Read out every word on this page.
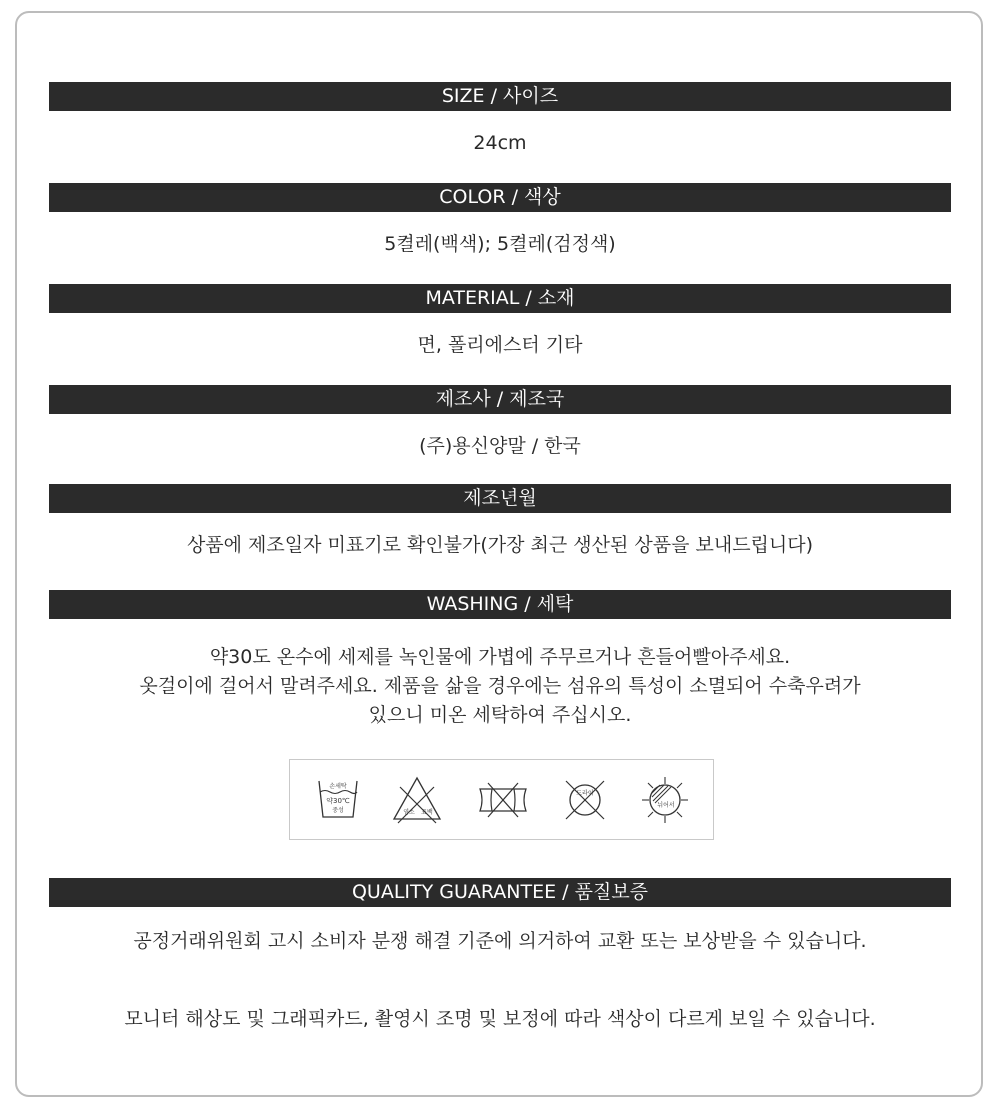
SIZE / 사이즈
24cm
COLOR / 색상
5켤레(백색); 5켤레(검정색)
MATERIAL / 소재
면, 폴리에스터 기타
제조사 / 제조국
(주)용신양말 / 한국
제조년월
상품에 제조일자 미표기로 확인불가(가장 최근 생산된 상품을 보내드립니다)
WASHING / 세탁
약30도 온수에 세제를 녹인물에 가볍에 주무르거나 흔들어빨아주세요.
옷걸이에 걸어서 말려주세요. 제품을 삶을 경우에는 섬유의 특성이 소멸되어 수축우려가
있으니 미온 세탁하여 주십시오.
손세탁
약30℃
중성	염소 표백
드라이
뉘어서
QUALITY GUARANTEE / 품질보증
공정거래위원회 고시 소비자 분쟁 해결 기준에 의거하여 교환 또는 보상받을 수 있습니다.
모니터 해상도 및 그래픽카드, 촬영시 조명 및 보정에 따라 색상이 다르게 보일 수 있습니다.
